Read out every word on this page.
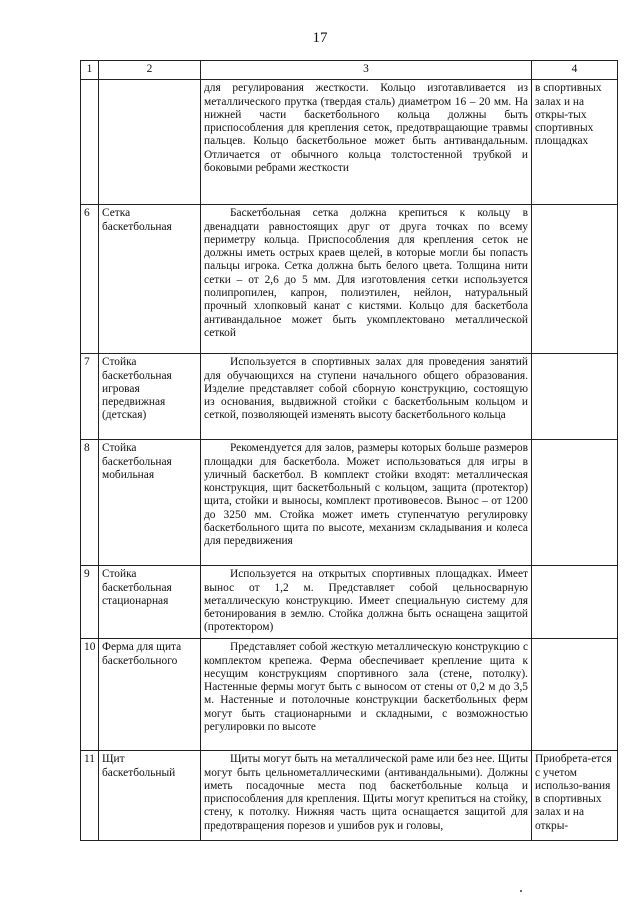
17
1	2	3	4
		для регулирования жесткости. Кольцо изготавливается из металлического прутка (твердая сталь) диаметром 16 – 20 мм. На нижней части баскетбольного кольца должны быть приспособления для крепления сеток, предотвращающие травмы пальцев. Кольцо баскетбольное может быть антивандальным. Отличается от обычного кольца толстостенной трубкой и боковыми ребрами жесткости	в спортивных залах и на откры-тых спортивных площадках
6	Сетка баскетбольная	Баскетбольная сетка должна крепиться к кольцу в двенадцати равностоящих друг от друга точках по всему периметру кольца. Приспособления для крепления сеток не должны иметь острых краев щелей, в которые могли бы попасть пальцы игрока. Сетка должна быть белого цвета. Толщина нити сетки – от 2,6 до 5 мм. Для изготовления сетки используется полипропилен, капрон, полиэтилен, нейлон, натуральный прочный хлопковый канат с кистями. Кольцо для баскетбола антивандальное может быть укомплектовано металлической сеткой	

7	Стойка баскетбольная игровая передвижная (детская)	Используется в спортивных залах для проведения занятий для обучающихся на ступени начального общего образования. Изделие представляет собой сборную конструкцию, состоящую из основания, выдвижной стойки с баскетбольным кольцом и сеткой, позволяющей изменять высоту баскетбольного кольца	

8	Стойка баскетбольная мобильная	Рекомендуется для залов, размеры которых больше размеров площадки для баскетбола. Может использоваться для игры в уличный баскетбол. В комплект стойки входят: металлическая конструкция, щит баскетбольный с кольцом, защита (протектор) щита, стойки и выносы, комплект противовесов. Вынос – от 1200 до 3250 мм. Стойка может иметь ступенчатую регулировку баскетбольного щита по высоте, механизм складывания и колеса для передвижения	

9	Стойка баскетбольная стационарная	Используется на открытых спортивных площадках. Имеет вынос от 1,2 м. Представляет собой цельносварную металлическую конструкцию. Имеет специальную систему для бетонирования в землю. Стойка должна быть оснащена защитой (протектором)	

10	Ферма для щита баскетбольного	Представляет собой жесткую металлическую конструкцию с комплектом крепежа. Ферма обеспечивает крепление щита к несущим конструкциям спортивного зала (стене, потолку). Настенные фермы могут быть с выносом от стены от 0,2 м до 3,5 м. Настенные и потолочные конструкции баскетбольных ферм могут быть стационарными и складными, с возможностью регулировки по высоте	

11	Щит баскетбольный	Щиты могут быть на металлической раме или без нее. Щиты могут быть цельнометаллическими (антивандальными). Должны иметь посадочные места под баскетбольные кольца и приспособления для крепления. Щиты могут крепиться на стойку, стену, к потолку. Нижняя часть щита оснащается защитой для предотвращения порезов и ушибов рук и головы,	Приобрета-ется с учетом использо-вания в спортивных залах и на откры-
